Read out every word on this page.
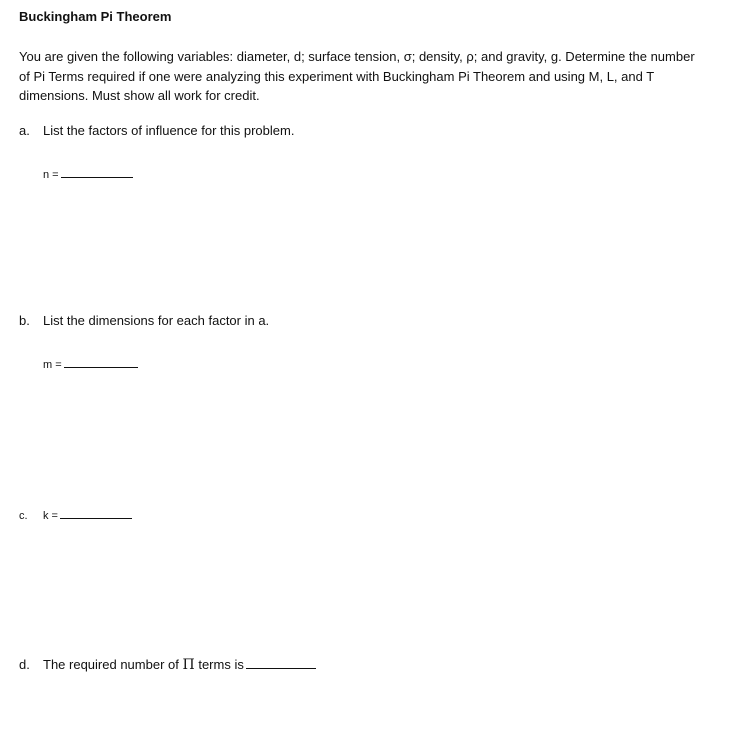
Buckingham Pi Theorem
You are given the following variables: diameter, d; surface tension, σ; density, ρ; and gravity, g. Determine the number of Pi Terms required if one were analyzing this experiment with Buckingham Pi Theorem and using M, L, and T dimensions. Must show all work for credit.
a. List the factors of influence for this problem.
n =
b. List the dimensions for each factor in a.
m =
c. k =
d. The required number of Π terms is
